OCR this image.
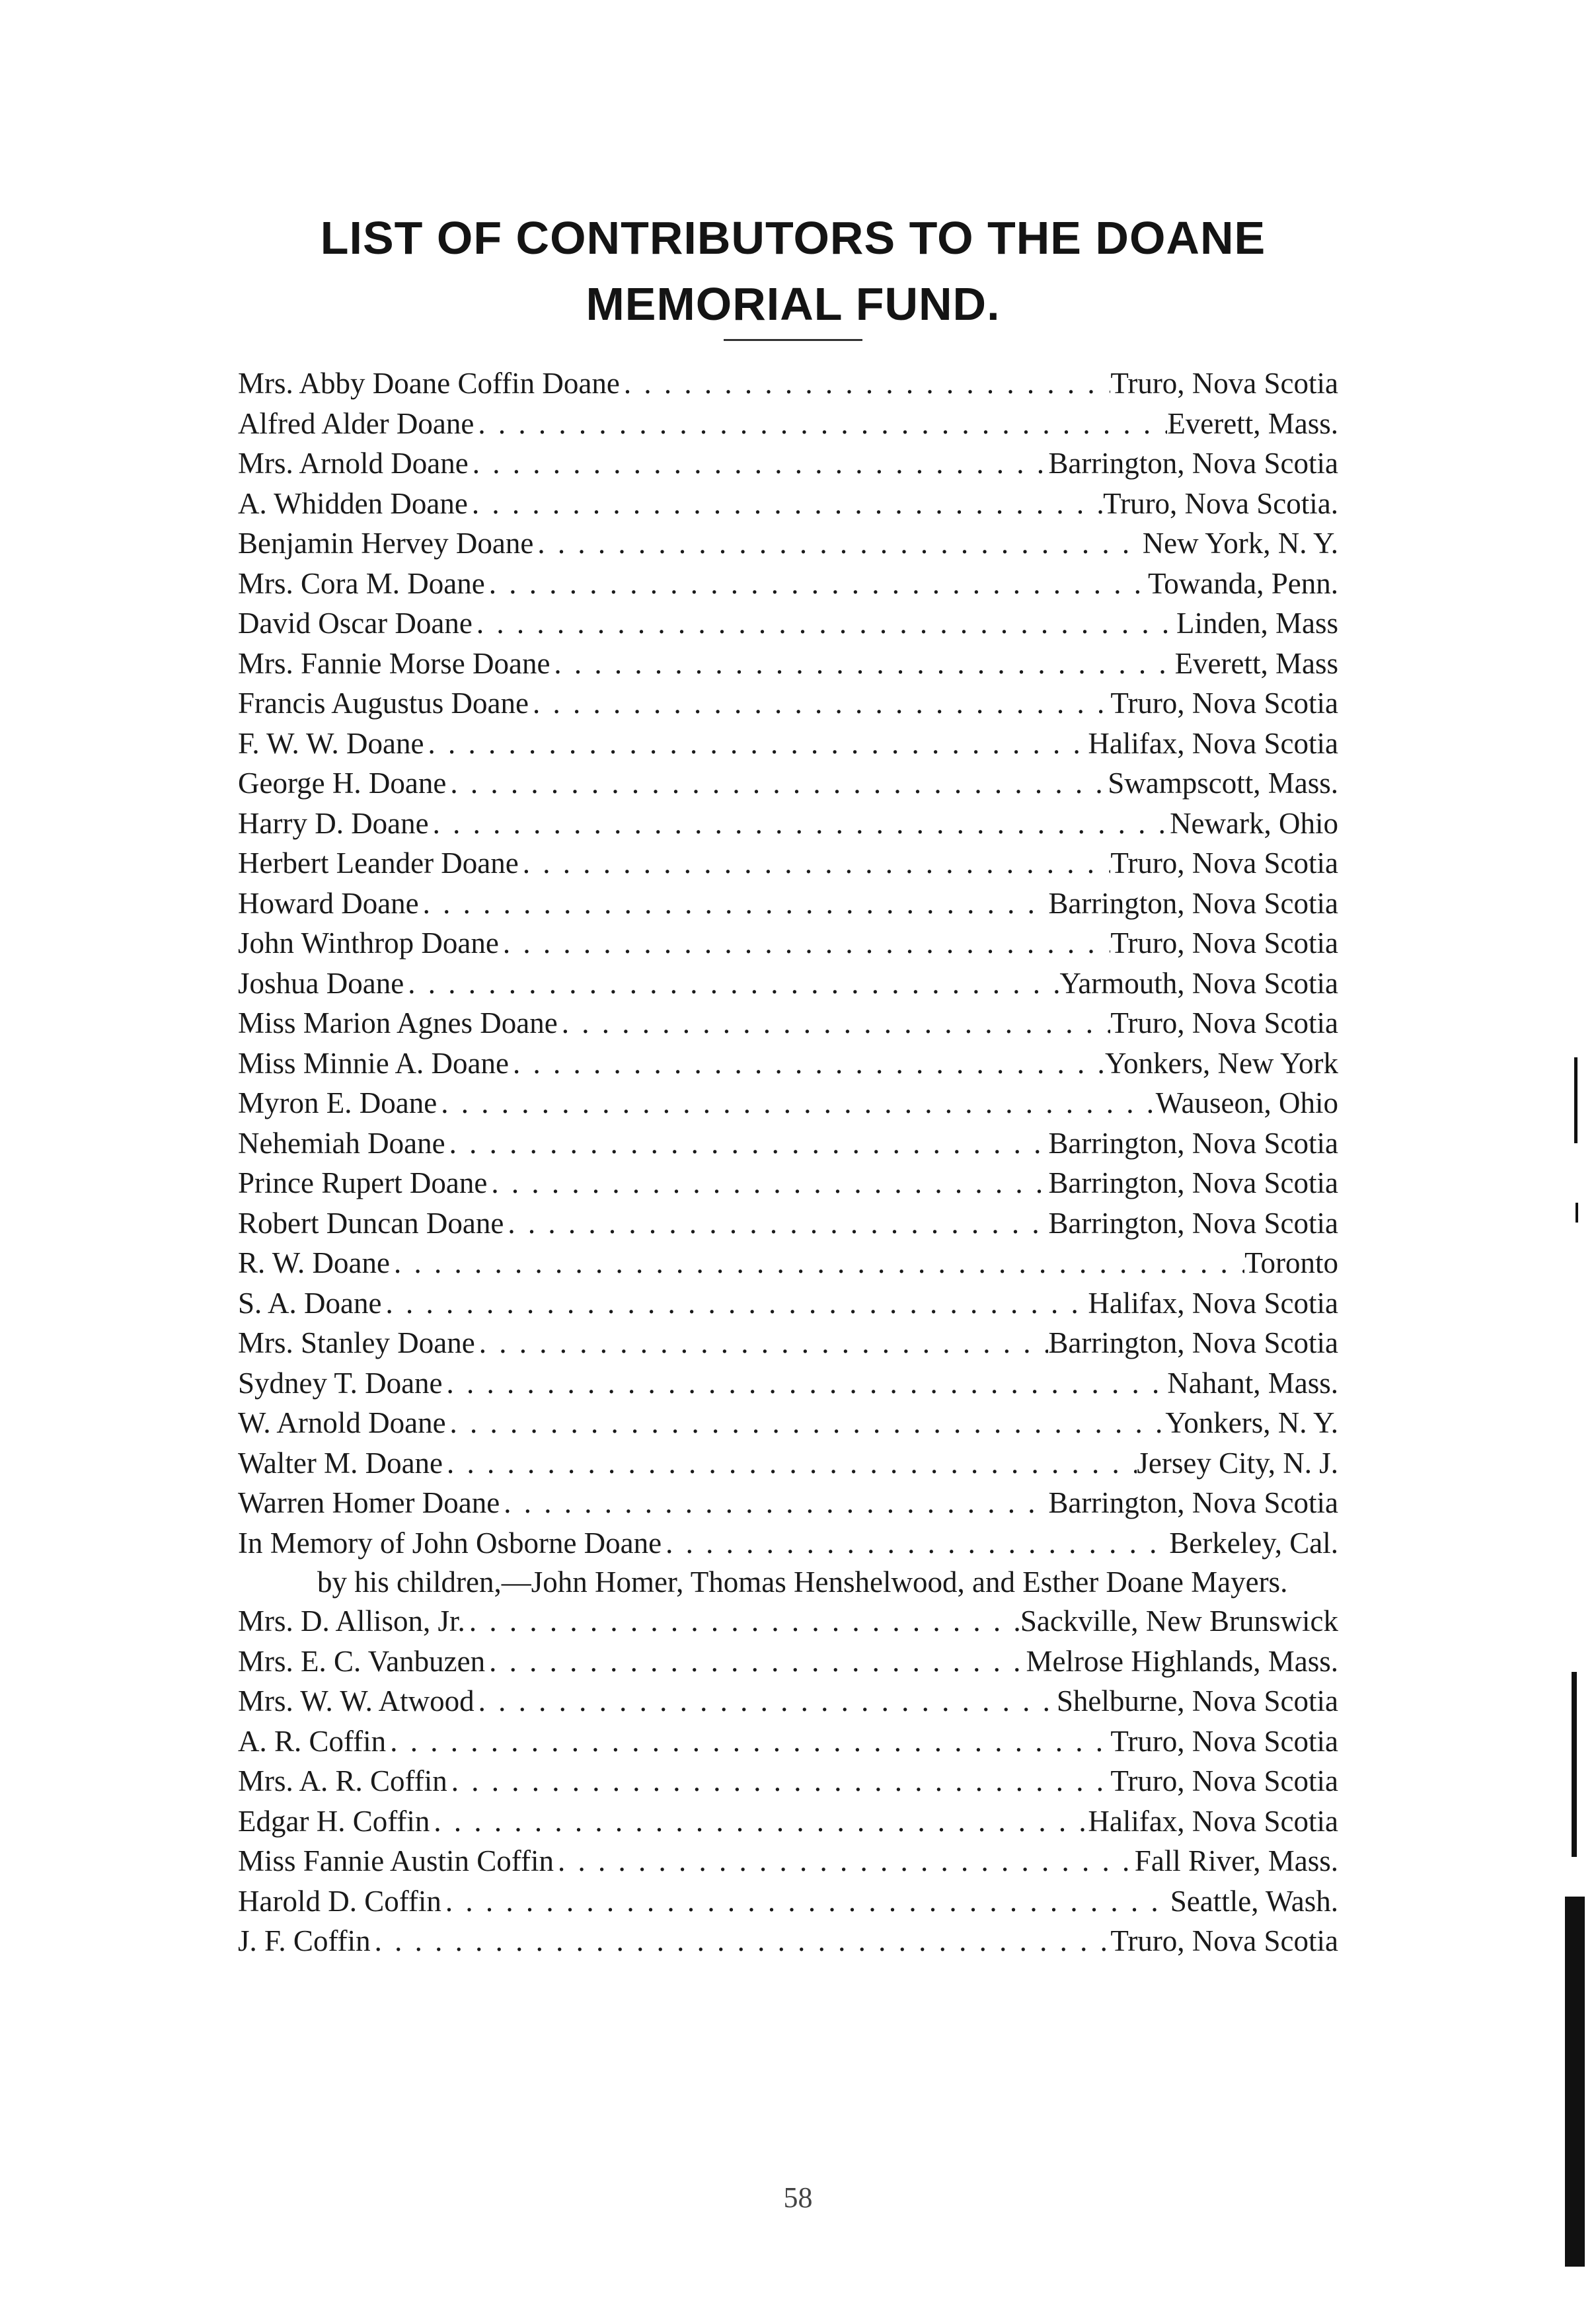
LIST OF CONTRIBUTORS TO THE DOANE
MEMORIAL FUND.
Mrs. Abby Doane Coffin Doane . . .	Truro, Nova Scotia
Alfred Alder Doane . . .	Everett, Mass.
Mrs. Arnold Doane . . .	Barrington, Nova Scotia
A. Whidden Doane . . .	Truro, Nova Scotia.
Benjamin Hervey Doane . . .	New York, N. Y.
Mrs. Cora M. Doane . . .	Towanda, Penn.
David Oscar Doane . . .	Linden, Mass
Mrs. Fannie Morse Doane . . .	Everett, Mass
Francis Augustus Doane . . .	Truro, Nova Scotia
F. W. W. Doane . . .	Halifax, Nova Scotia
George H. Doane . . .	Swampscott, Mass.
Harry D. Doane . . .	Newark, Ohio
Herbert Leander Doane . . .	Truro, Nova Scotia
Howard Doane . . .	Barrington, Nova Scotia
John Winthrop Doane . . .	Truro, Nova Scotia
Joshua Doane . . .	Yarmouth, Nova Scotia
Miss Marion Agnes Doane . . .	Truro, Nova Scotia
Miss Minnie A. Doane . . .	Yonkers, New York
Myron E. Doane . . .	Wauseon, Ohio
Nehemiah Doane . . .	Barrington, Nova Scotia
Prince Rupert Doane . . .	Barrington, Nova Scotia
Robert Duncan Doane . . .	Barrington, Nova Scotia
R. W. Doane . . .	Toronto
S. A. Doane . . .	Halifax, Nova Scotia
Mrs. Stanley Doane . . .	Barrington, Nova Scotia
Sydney T. Doane . . .	Nahant, Mass.
W. Arnold Doane . . .	Yonkers, N. Y.
Walter M. Doane . . .	Jersey City, N. J.
Warren Homer Doane . . .	Barrington, Nova Scotia
In Memory of John Osborne Doane . . .	Berkeley, Cal.
by his children,—John Homer, Thomas Henshelwood, and Esther Doane Mayers.
Mrs. D. Allison, Jr. . . .	Sackville, New Brunswick
Mrs. E. C. Vanbuzen . . .	Melrose Highlands, Mass.
Mrs. W. W. Atwood . . .	Shelburne, Nova Scotia
A. R. Coffin . . .	Truro, Nova Scotia
Mrs. A. R. Coffin . . .	Truro, Nova Scotia
Edgar H. Coffin . . .	Halifax, Nova Scotia
Miss Fannie Austin Coffin . . .	Fall River, Mass.
Harold D. Coffin . . .	Seattle, Wash.
J. F. Coffin . . .	Truro, Nova Scotia
58
